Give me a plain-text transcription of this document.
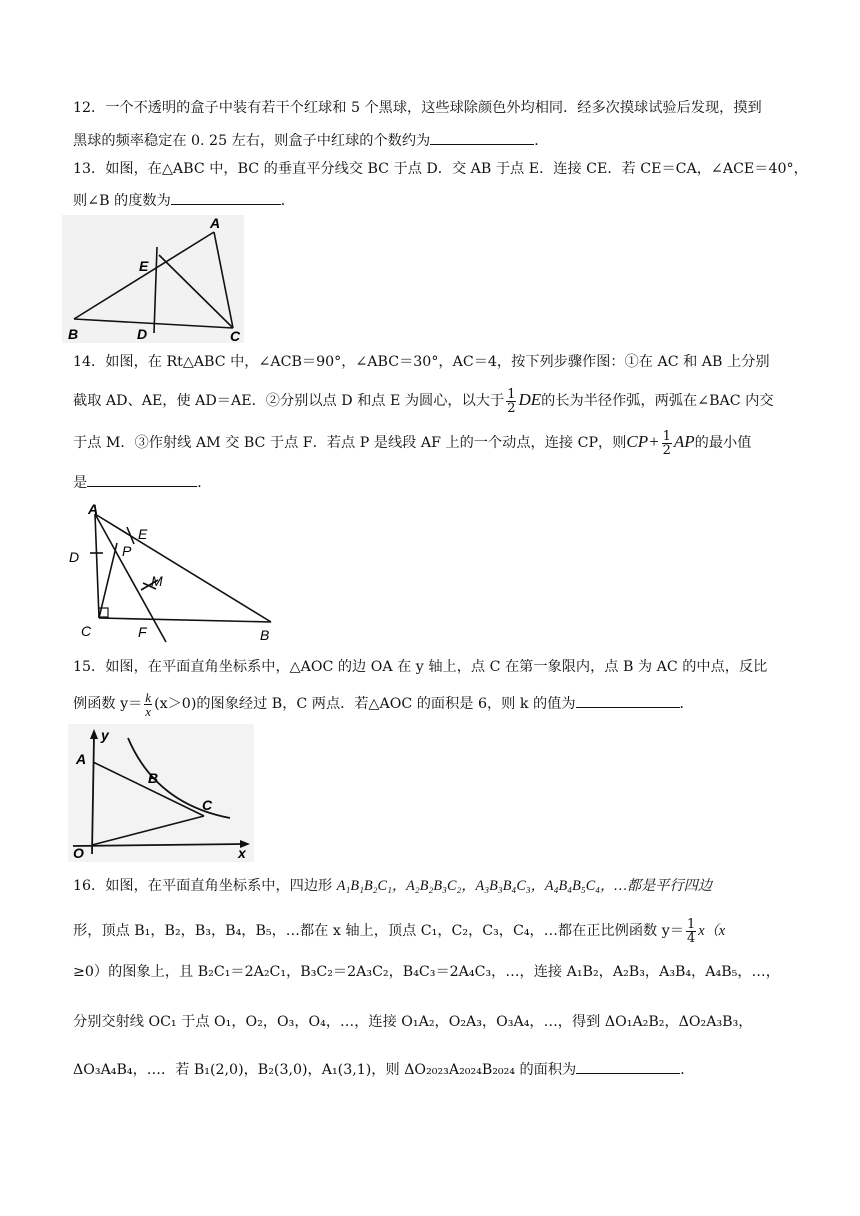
12．一个不透明的盒子中装有若干个红球和 5 个黑球，这些球除颜色外均相同．经多次摸球试验后发现，摸到
黑球的频率稳定在 0. 25 左右，则盒子中红球的个数约为	．
13．如图，在△ABC 中，BC 的垂直平分线交 BC 于点 D．交 AB 于点 E．连接 CE．若 CE＝CA，∠ACE＝40°，
则∠B 的度数为	．
A
E
B	D	C
14．如图，在 Rt△ABC 中，∠ACB＝90°，∠ABC＝30°，AC＝4，按下列步骤作图：①在 AC 和 AB 上分别
截取 AD、AE，使 AD＝AE．②分别以点 D 和点 E 为圆心，以大于 $\frac{1}{2}$ DE的长为半径作弧，两弧在∠BAC 内交
于点 M．③作射线 AM 交 BC 于点 F．若点 P 是线段 AF 上的一个动点，连接 CP，则$CP+ \frac{1}{2}$ AP的最小值
是	．
A
E
D	P
M
C	F	B
15．如图，在平面直角坐标系中，△AOC 的边 OA 在 y 轴上，点 C 在第一象限内，点 B 为 AC 的中点，反比
例函数 $y= \frac{k}{x} (x>0)$的图象经过 B，C 两点．若△AOC 的面积是 6，则 k 的值为	．
y
A
B
C
O	x
16．如图，在平面直角坐标系中，四边形 A₁B₁B₂C₁，A₂B₂B₃C₂，A₃B₃B₄C₃，A₄B₄B₅C₄，…都是平行四边
形，顶点 B₁，B₂，B₃，B₄，B₅，…都在 x 轴上，顶点 C₁，C₂，C₃，C₄，…都在正比例函数 $y= \frac{1}{4} x(x$
≥0）的图象上，且 B₂C₁＝2A₂C₁，B₃C₂＝2A₃C₂，B₄C₃＝2A₄C₃，…，连接 A₁B₂，A₂B₃，A₃B₄，A₄B₅，…，
分别交射线 OC₁ 于点 O₁，O₂，O₃，O₄，…，连接 O₁A₂，O₂A₃，O₃A₄，…，得到 ΔO₁A₂B₂，ΔO₂A₃B₃，
ΔO₃A₄B₄，…．若 B₁(2,0)，B₂(3,0)，A₁(3,1)，则 ΔO₂₀₂₃A₂₀₂₄B₂₀₂₄ 的面积为	．
